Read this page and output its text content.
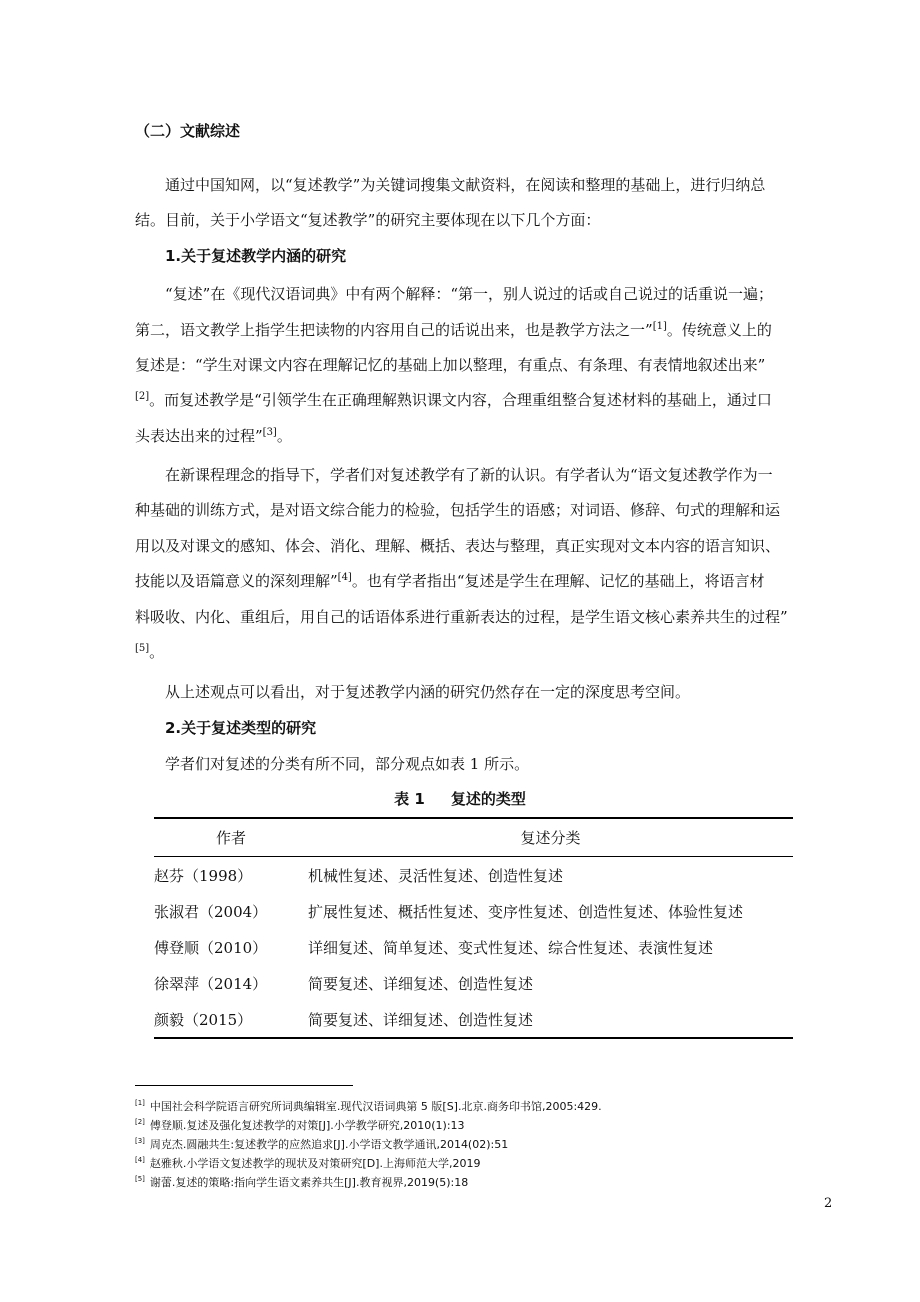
（二）文献综述
通过中国知网，以“复述教学”为关键词搜集文献资料，在阅读和整理的基础上，进行归纳总
结。目前，关于小学语文“复述教学”的研究主要体现在以下几个方面：
1.关于复述教学内涵的研究
“复述”在《现代汉语词典》中有两个解释：“第一，别人说过的话或自己说过的话重说一遍；
第二，语文教学上指学生把读物的内容用自己的话说出来，也是教学方法之一”[1]。传统意义上的
复述是：“学生对课文内容在理解记忆的基础上加以整理，有重点、有条理、有表情地叙述出来”
[2]。而复述教学是“引领学生在正确理解熟识课文内容，合理重组整合复述材料的基础上，通过口
头表达出来的过程”[3]。
在新课程理念的指导下，学者们对复述教学有了新的认识。有学者认为“语文复述教学作为一
种基础的训练方式，是对语文综合能力的检验，包括学生的语感；对词语、修辞、句式的理解和运
用以及对课文的感知、体会、消化、理解、概括、表达与整理，真正实现对文本内容的语言知识、
技能以及语篇意义的深刻理解”[4]。也有学者指出“复述是学生在理解、记忆的基础上，将语言材
料吸收、内化、重组后，用自己的话语体系进行重新表达的过程，是学生语文核心素养共生的过程”
[5]。
从上述观点可以看出，对于复述教学内涵的研究仍然存在一定的深度思考空间。
2.关于复述类型的研究
学者们对复述的分类有所不同，部分观点如表 1 所示。
表 1 复述的类型
作者	复述分类
赵芬（1998）	机械性复述、灵活性复述、创造性复述
张淑君（2004）	扩展性复述、概括性复述、变序性复述、创造性复述、体验性复述
傅登顺（2010）	详细复述、简单复述、变式性复述、综合性复述、表演性复述
徐翠萍（2014）	简要复述、详细复述、创造性复述
颜毅（2015）	简要复述、详细复述、创造性复述
[1] 中国社会科学院语言研究所词典编辑室.现代汉语词典第 5 版[S].北京.商务印书馆,2005:429.
[2] 傅登顺.复述及强化复述教学的对策[J].小学教学研究,2010(1):13
[3] 周克杰.圆融共生:复述教学的应然追求[J].小学语文教学通讯,2014(02):51
[4] 赵雅秋.小学语文复述教学的现状及对策研究[D].上海师范大学,2019
[5] 谢蕾.复述的策略:指向学生语文素养共生[J].教育视界,2019(5):18
2
